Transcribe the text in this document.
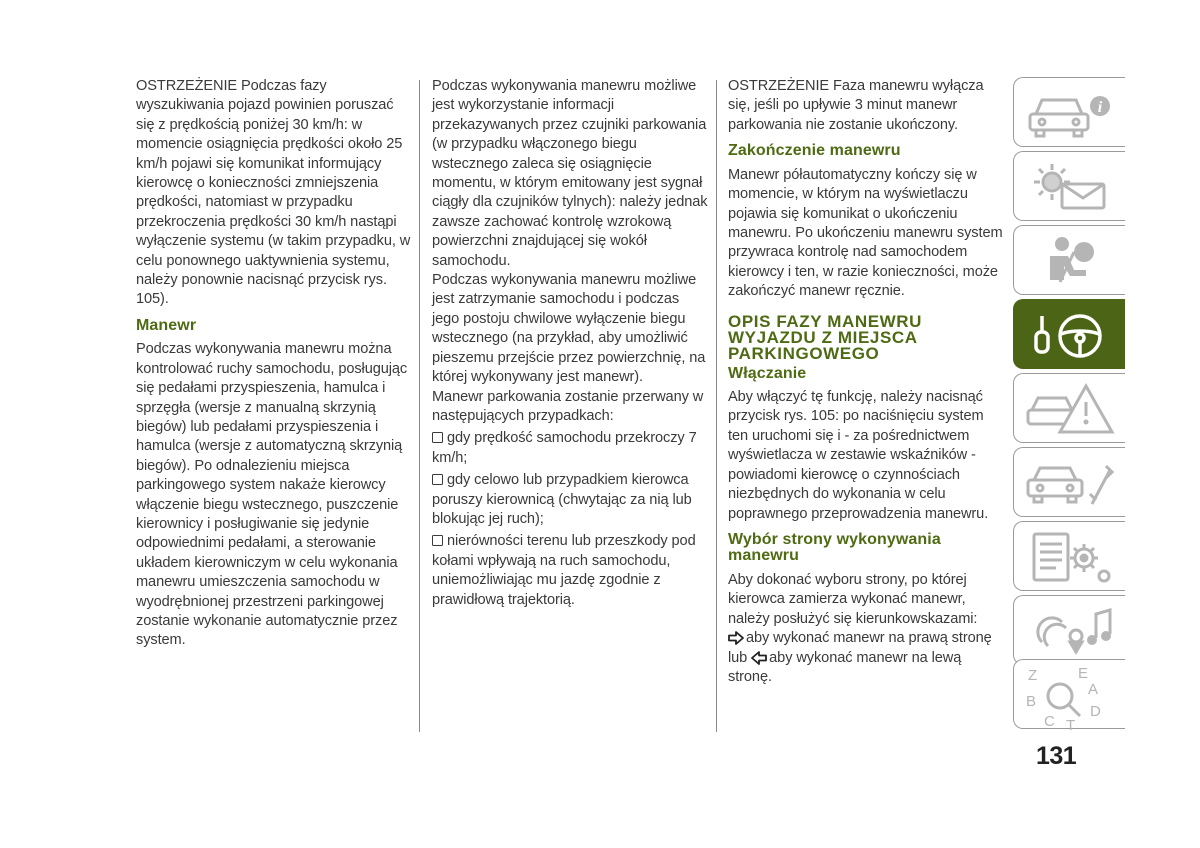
OSTRZEŻENIE Podczas fazy wyszukiwania pojazd powinien poruszać się z prędkością poniżej 30 km/h: w momencie osiągnięcia prędkości około 25 km/h pojawi się komunikat informujący kierowcę o konieczności zmniejszenia prędkości, natomiast w przypadku przekroczenia prędkości 30 km/h nastąpi wyłączenie systemu (w takim przypadku, w celu ponownego uaktywnienia systemu, należy ponownie nacisnąć przycisk rys. 105).

Manewr

Podczas wykonywania manewru można kontrolować ruchy samochodu, posługując się pedałami przyspieszenia, hamulca i sprzęgła (wersje z manualną skrzynią biegów) lub pedałami przyspieszenia i hamulca (wersje z automatyczną skrzynią biegów). Po odnalezieniu miejsca parkingowego system nakaże kierowcy włączenie biegu wstecznego, puszczenie kierownicy i posługiwanie się jedynie odpowiednimi pedałami, a sterowanie układem kierowniczym w celu wykonania manewru umieszczenia samochodu w wyodrębnionej przestrzeni parkingowej zostanie wykonanie automatycznie przez system.

Podczas wykonywania manewru możliwe jest wykorzystanie informacji przekazywanych przez czujniki parkowania (w przypadku włączonego biegu wstecznego zaleca się osiągnięcie momentu, w którym emitowany jest sygnał ciągły dla czujników tylnych): należy jednak zawsze zachować kontrolę wzrokową powierzchni znajdującej się wokół samochodu.

Podczas wykonywania manewru możliwe jest zatrzymanie samochodu i podczas jego postoju chwilowe wyłączenie biegu wstecznego (na przykład, aby umożliwić pieszemu przejście przez powierzchnię, na której wykonywany jest manewr).

Manewr parkowania zostanie przerwany w następujących przypadkach:

gdy prędkość samochodu przekroczy 7 km/h;

gdy celowo lub przypadkiem kierowca poruszy kierownicą (chwytając za nią lub blokując jej ruch);

nierówności terenu lub przeszkody pod kołami wpływają na ruch samochodu, uniemożliwiając mu jazdę zgodnie z prawidłową trajektorią.

OSTRZEŻENIE Faza manewru wyłącza się, jeśli po upływie 3 minut manewr parkowania nie zostanie ukończony.

Zakończenie manewru

Manewr półautomatyczny kończy się w momencie, w którym na wyświetlaczu pojawia się komunikat o ukończeniu manewru. Po ukończeniu manewru system przywraca kontrolę nad samochodem kierowcy i ten, w razie konieczności, może zakończyć manewr ręcznie.

OPIS FAZY MANEWRU WYJAZDU Z MIEJSCA PARKINGOWEGO
Włączanie

Aby włączyć tę funkcję, należy nacisnąć przycisk rys. 105: po naciśnięciu system ten uruchomi się i - za pośrednictwem wyświetlacza w zestawie wskaźników - powiadomi kierowcę o czynnościach niezbędnych do wykonania w celu poprawnego przeprowadzenia manewru.

Wybór strony wykonywania manewru

Aby dokonać wyboru strony, po której kierowca zamierza wykonać manewr, należy posłużyć się kierunkowskazami:

aby wykonać manewr na prawą stronę lub aby wykonać manewr na lewą stronę.

i
Z	E
B
A
C T
D
131
